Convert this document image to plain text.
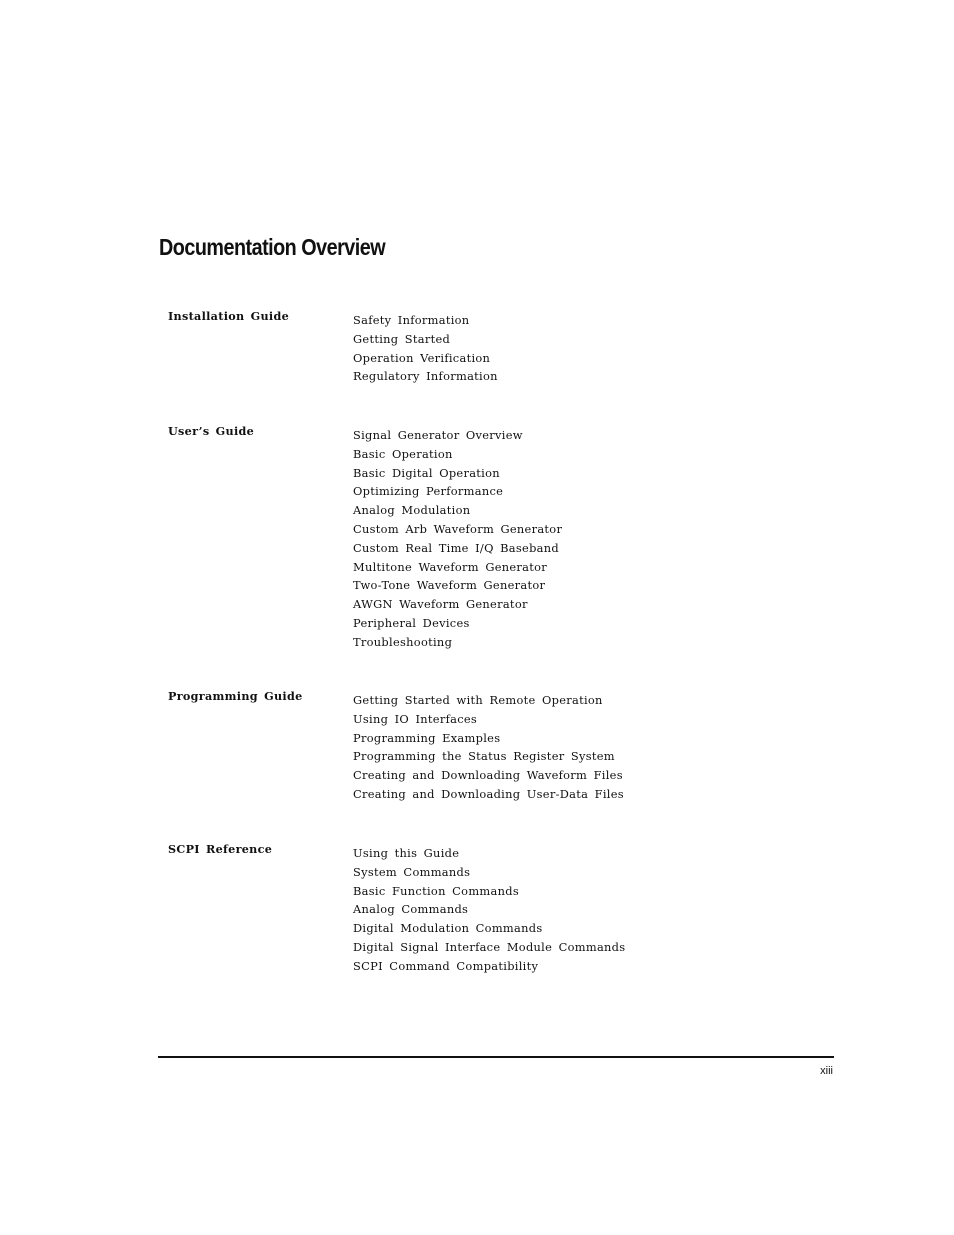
Documentation Overview
Installation Guide	Safety Information
Getting Started
Operation Verification
Regulatory Information
User’s Guide	Signal Generator Overview
Basic Operation
Basic Digital Operation
Optimizing Performance
Analog Modulation
Custom Arb Waveform Generator
Custom Real Time I/Q Baseband
Multitone Waveform Generator
Two-Tone Waveform Generator
AWGN Waveform Generator
Peripheral Devices
Troubleshooting
Programming Guide	Getting Started with Remote Operation
Using IO Interfaces
Programming Examples
Programming the Status Register System
Creating and Downloading Waveform Files
Creating and Downloading User-Data Files
SCPI Reference	Using this Guide
System Commands
Basic Function Commands
Analog Commands
Digital Modulation Commands
Digital Signal Interface Module Commands
SCPI Command Compatibility
xiii
